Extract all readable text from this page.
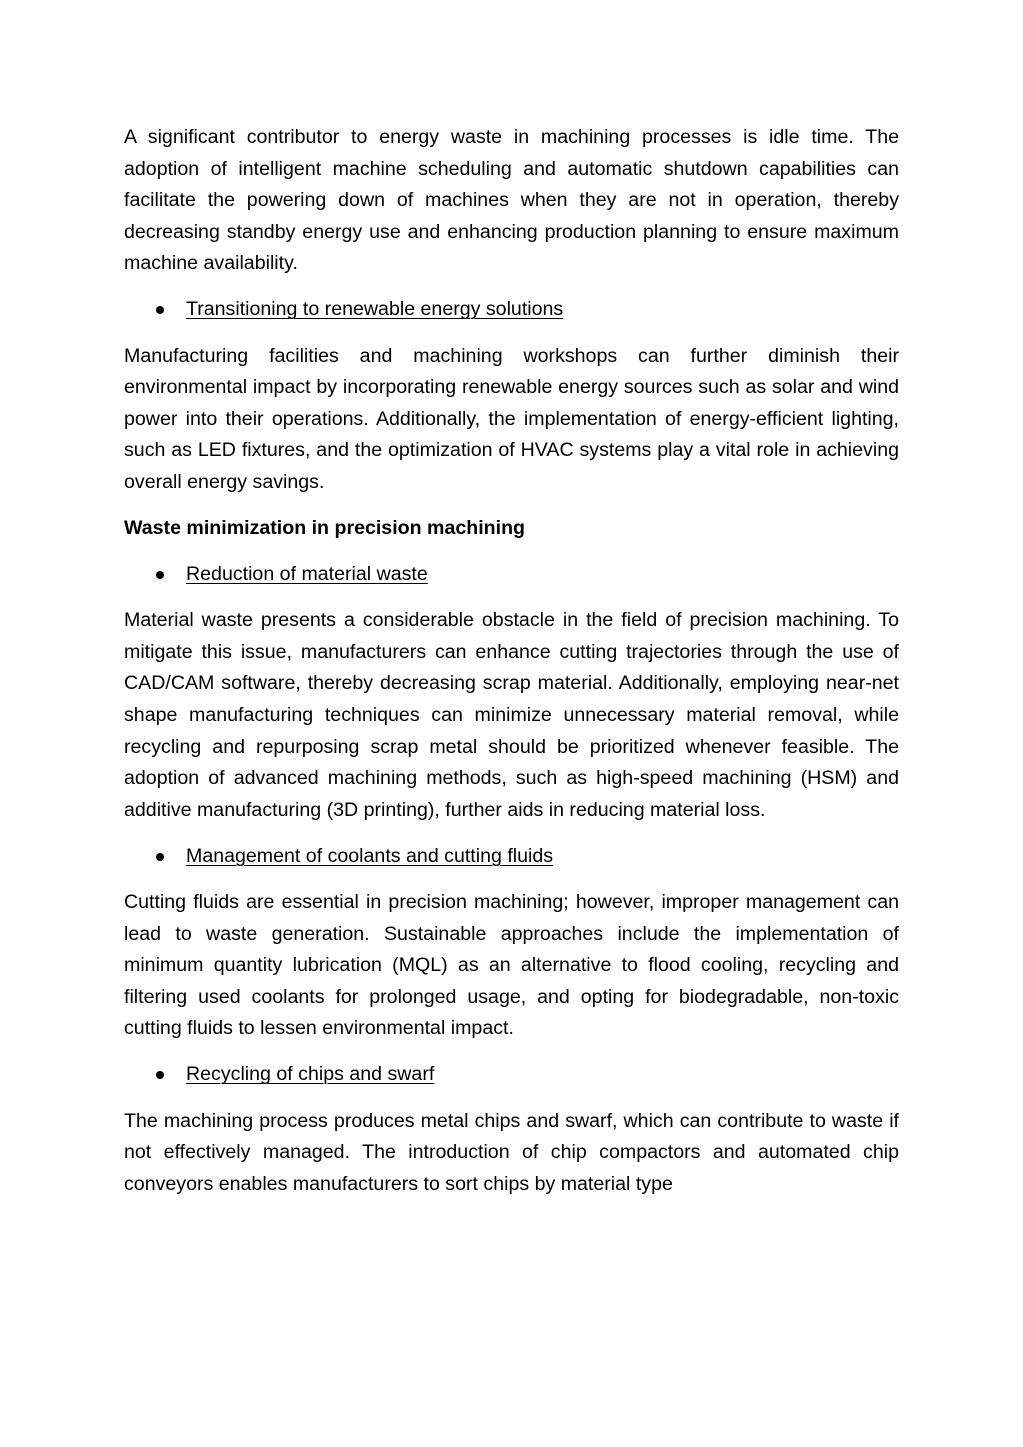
A significant contributor to energy waste in machining processes is idle time. The adoption of intelligent machine scheduling and automatic shutdown capabilities can facilitate the powering down of machines when they are not in operation, thereby decreasing standby energy use and enhancing production planning to ensure maximum machine availability.

Transitioning to renewable energy solutions

Manufacturing facilities and machining workshops can further diminish their environmental impact by incorporating renewable energy sources such as solar and wind power into their operations. Additionally, the implementation of energy-efficient lighting, such as LED fixtures, and the optimization of HVAC systems play a vital role in achieving overall energy savings.

Waste minimization in precision machining

Reduction of material waste

Material waste presents a considerable obstacle in the field of precision machining. To mitigate this issue, manufacturers can enhance cutting trajectories through the use of CAD/CAM software, thereby decreasing scrap material. Additionally, employing near-net shape manufacturing techniques can minimize unnecessary material removal, while recycling and repurposing scrap metal should be prioritized whenever feasible. The adoption of advanced machining methods, such as high-speed machining (HSM) and additive manufacturing (3D printing), further aids in reducing material loss.

Management of coolants and cutting fluids

Cutting fluids are essential in precision machining; however, improper management can lead to waste generation. Sustainable approaches include the implementation of minimum quantity lubrication (MQL) as an alternative to flood cooling, recycling and filtering used coolants for prolonged usage, and opting for biodegradable, non-toxic cutting fluids to lessen environmental impact.

Recycling of chips and swarf

The machining process produces metal chips and swarf, which can contribute to waste if not effectively managed. The introduction of chip compactors and automated chip conveyors enables manufacturers to sort chips by material type
